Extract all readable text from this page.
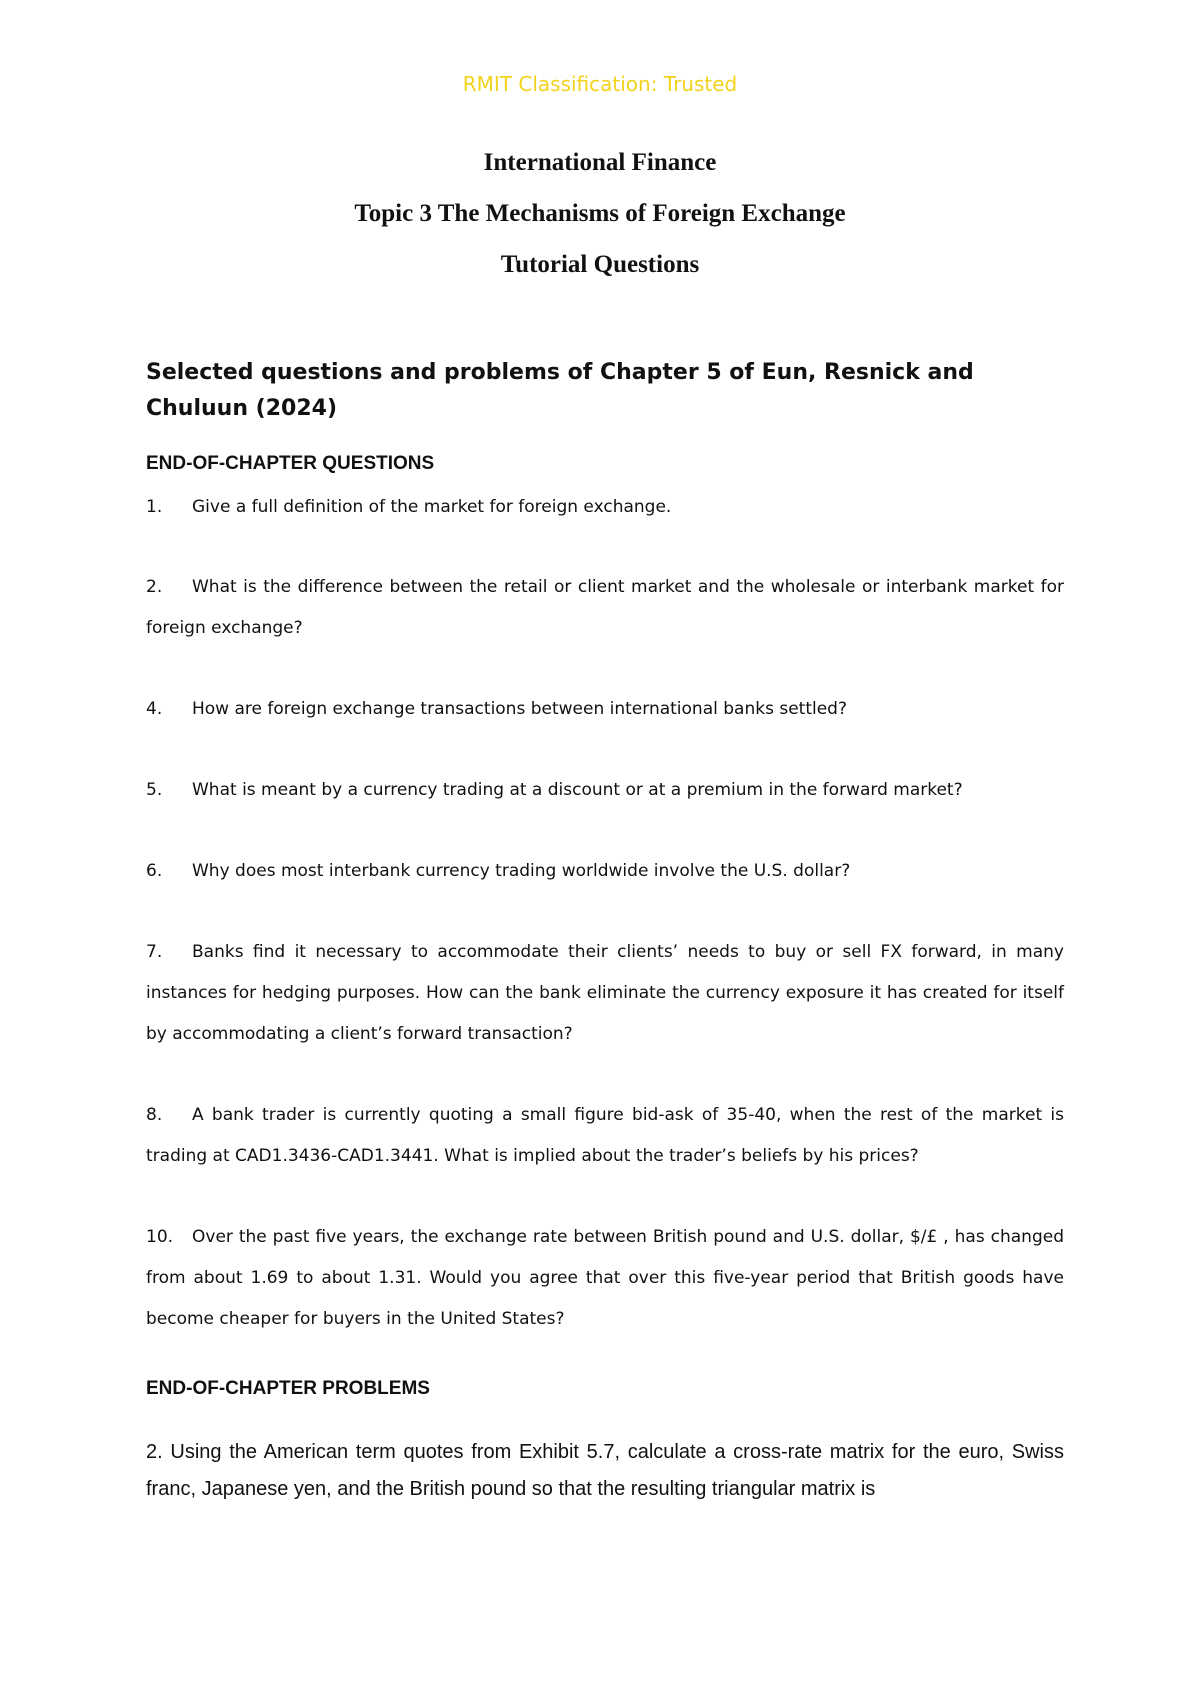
RMIT Classification: Trusted
International Finance
Topic 3 The Mechanisms of Foreign Exchange
Tutorial Questions

Selected questions and problems of Chapter 5 of Eun, Resnick and Chuluun (2024)

END-OF-CHAPTER QUESTIONS

1. Give a full definition of the market for foreign exchange.

2. What is the difference between the retail or client market and the wholesale or interbank market for foreign exchange?

4. How are foreign exchange transactions between international banks settled?

5. What is meant by a currency trading at a discount or at a premium in the forward market?

6. Why does most interbank currency trading worldwide involve the U.S. dollar?

7. Banks find it necessary to accommodate their clients’ needs to buy or sell FX forward, in many instances for hedging purposes. How can the bank eliminate the currency exposure it has created for itself by accommodating a client’s forward transaction?

8. A bank trader is currently quoting a small figure bid-ask of 35-40, when the rest of the market is trading at CAD1.3436-CAD1.3441. What is implied about the trader’s beliefs by his prices?

10. Over the past five years, the exchange rate between British pound and U.S. dollar, $/£ , has changed from about 1.69 to about 1.31. Would you agree that over this five-year period that British goods have become cheaper for buyers in the United States?

END-OF-CHAPTER PROBLEMS

2. Using the American term quotes from Exhibit 5.7, calculate a cross-rate matrix for the euro, Swiss franc, Japanese yen, and the British pound so that the resulting triangular matrix is
